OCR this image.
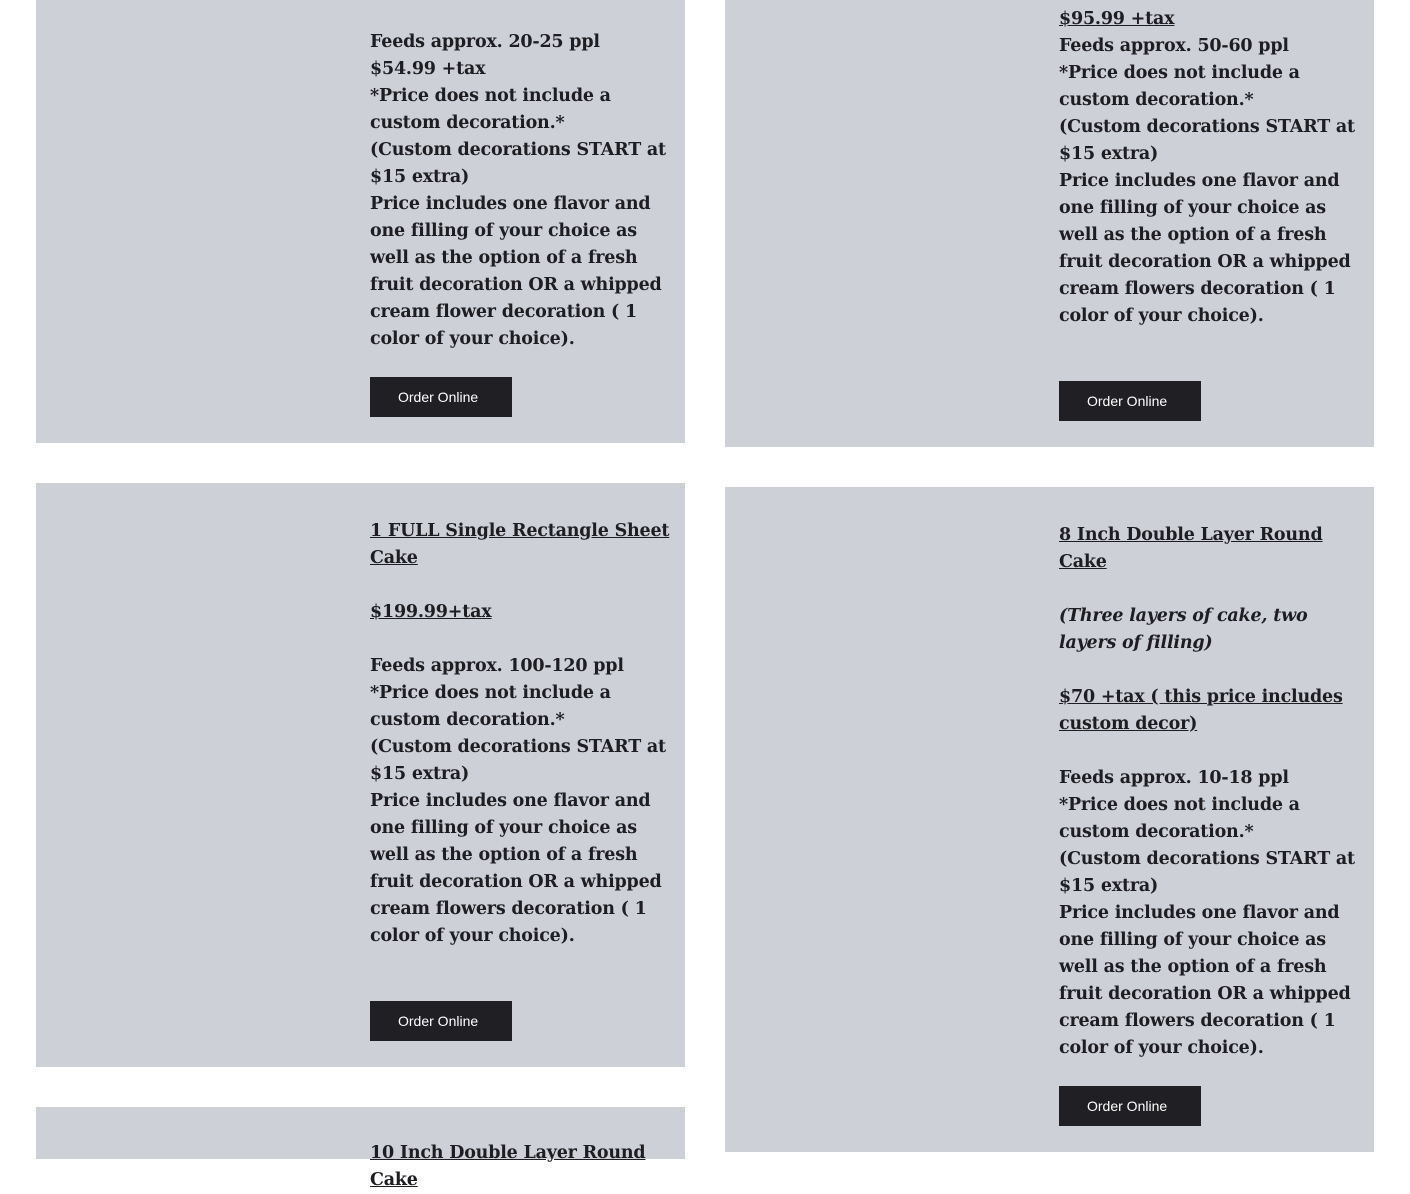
Feeds approx. 20-25 ppl
$54.99 +tax
*Price does not include a custom decoration.*
(Custom decorations START at $15 extra)
Price includes one flavor and one filling of your choice as well as the option of a fresh fruit decoration OR a whipped cream flower decoration ( 1 color of your choice).
Order Online
$95.99 +tax
Feeds approx. 50-60 ppl
*Price does not include a custom decoration.*
(Custom decorations START at $15 extra)
Price includes one flavor and one filling of your choice as well as the option of a fresh fruit decoration OR a whipped cream flowers decoration ( 1 color of your choice).
Order Online
1 FULL Single Rectangle Sheet Cake
$199.99+tax
Feeds approx. 100-120 ppl
*Price does not include a custom decoration.*
(Custom decorations START at $15 extra)
Price includes one flavor and one filling of your choice as well as the option of a fresh fruit decoration OR a whipped cream flowers decoration ( 1 color of your choice).
Order Online
8 Inch Double Layer Round Cake
(Three layers of cake, two layers of filling)
$70 +tax ( this price includes custom decor)
Feeds approx. 10-18 ppl
*Price does not include a custom decoration.*
(Custom decorations START at $15 extra)
Price includes one flavor and one filling of your choice as well as the option of a fresh fruit decoration OR a whipped cream flowers decoration ( 1 color of your choice).
Order Online
10 Inch Double Layer Round Cake
